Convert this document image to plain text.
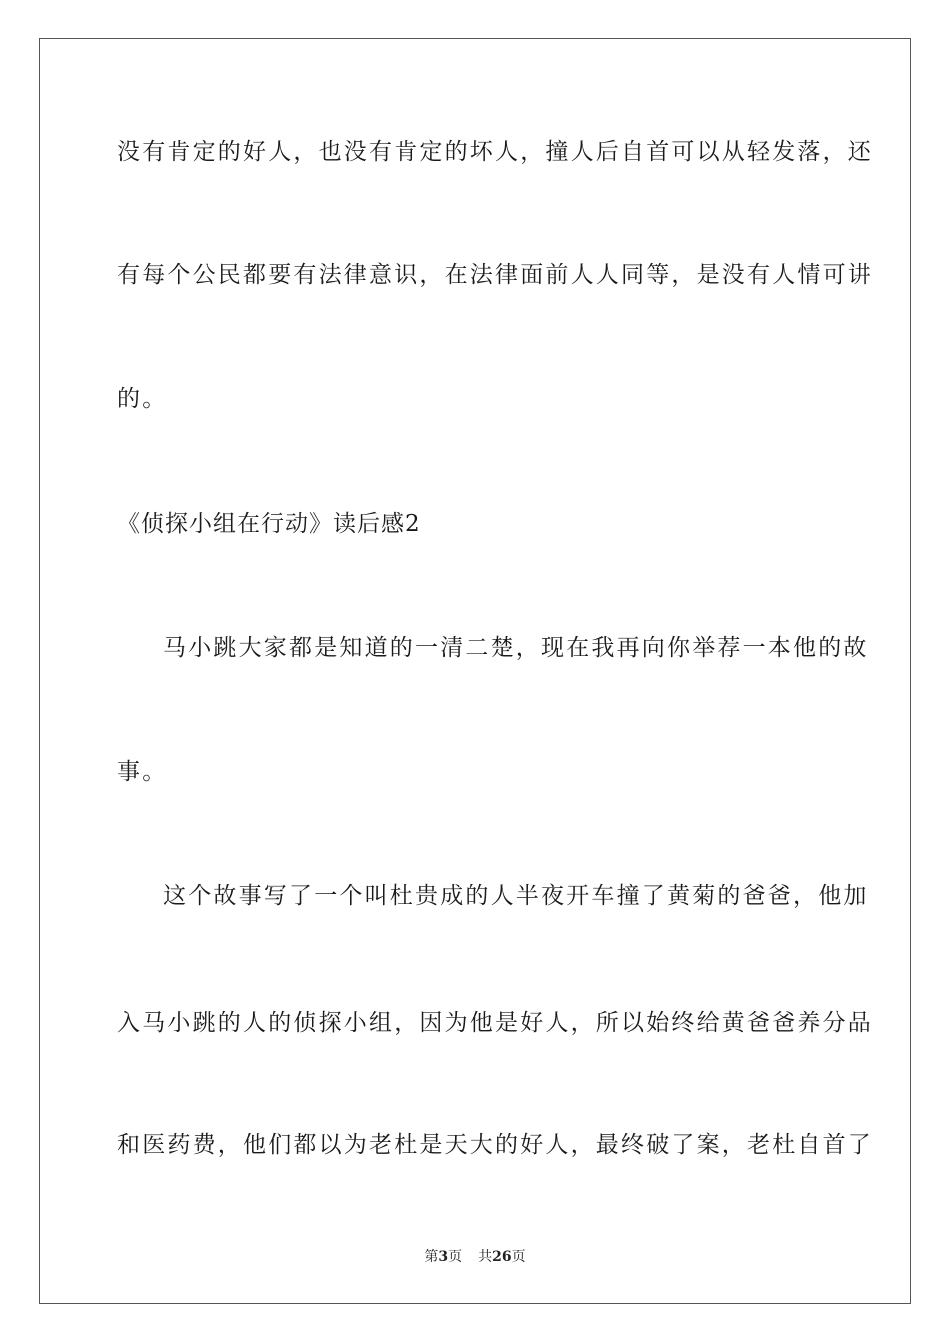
没有肯定的好人，也没有肯定的坏人，撞人后自首可以从轻发落，还
有每个公民都要有法律意识，在法律面前人人同等，是没有人情可讲
的。
《侦探小组在行动》读后感2
马小跳大家都是知道的一清二楚，现在我再向你举荐一本他的故
事。
这个故事写了一个叫杜贵成的人半夜开车撞了黄菊的爸爸，他加
入马小跳的人的侦探小组，因为他是好人，所以始终给黄爸爸养分品
和医药费，他们都以为老杜是天大的好人，最终破了案，老杜自首了
第3页 共26页
